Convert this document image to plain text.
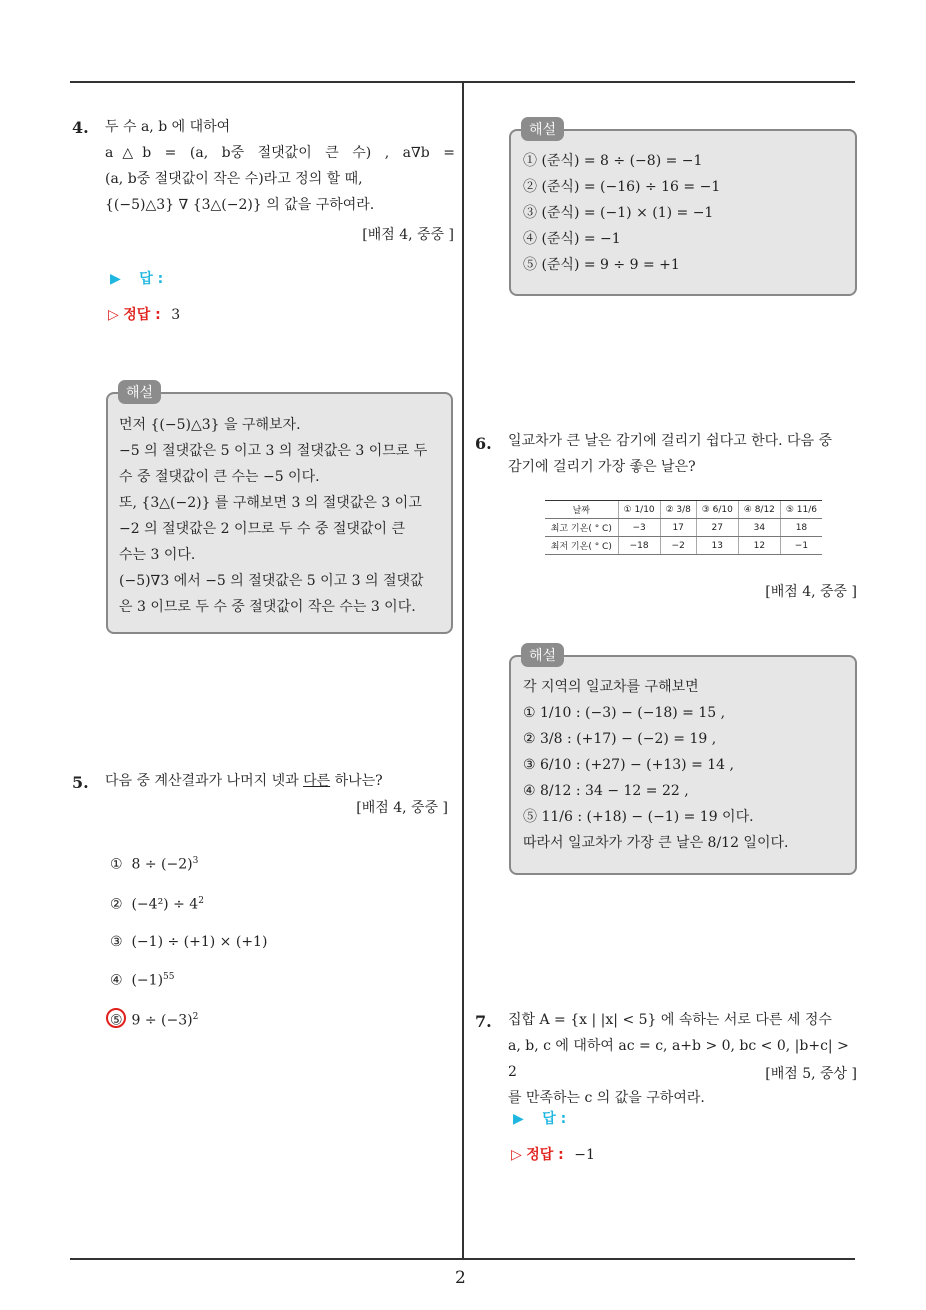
2
4. 두 수 a, b 에 대하여
a△b = (a, b중 절댓값이 큰 수) , a∇b =
(a, b중 절댓값이 작은 수)라고 정의 할 때,
{(−5)△3} ∇ {3△(−2)} 의 값을 구하여라.
[배점 4, 중중 ]
▶ 답 :
▷ 정답 : 3
먼저 {(−5)△3} 을 구해보자.
−5 의 절댓값은 5 이고 3 의 절댓값은 3 이므로 두
수 중 절댓값이 큰 수는 −5 이다.
또, {3△(−2)} 를 구해보면 3 의 절댓값은 3 이고
−2 의 절댓값은 2 이므로 두 수 중 절댓값이 큰
수는 3 이다.
(−5)∇3 에서 −5 의 절댓값은 5 이고 3 의 절댓값
은 3 이므로 두 수 중 절댓값이 작은 수는 3 이다.
해설
5. 다음 중 계산결과가 나머지 넷과 다른 하나는?
[배점 4, 중중 ]
① $8 \div (-2)^3$
② $(-4^2) \div 4^2$
③ (−1) ÷ (+1) × (+1)
④ $(-1)^{55}$
⑤ $9 \div (-3)^2$
① (준식) = 8 ÷ (−8) = −1
② (준식) = (−16) ÷ 16 = −1
③ (준식) = (−1) × (1) = −1
④ (준식) = −1
⑤ (준식) = 9 ÷ 9 = +1
해설
6. 일교차가 큰 날은 감기에 걸리기 쉽다고 한다. 다음 중
감기에 걸리기 가장 좋은 날은?
날짜	① 1/10	② 3/8	③ 6/10	④ 8/12	⑤ 11/6
최고 기온( ° C)	−3	17	27	34	18
최저 기온( ° C)	−18	−2	13	12	−1
[배점 4, 중중 ]
각 지역의 일교차를 구해보면
① 1/10 : (−3) − (−18) = 15 ,
② 3/8 : (+17) − (−2) = 19 ,
③ 6/10 : (+27) − (+13) = 14 ,
④ 8/12 : 34 − 12 = 22 ,
⑤ 11/6 : (+18) − (−1) = 19 이다.
따라서 일교차가 가장 큰 날은 8/12 일이다.
해설
7. 집합 A = {x | |x| < 5} 에 속하는 서로 다른 세 정수
a, b, c 에 대하여 ac = c, a+b > 0, bc < 0, |b+c| > 2
를 만족하는 c 의 값을 구하여라.
[배점 5, 중상 ]
▶ 답 :
▷ 정답 : −1
